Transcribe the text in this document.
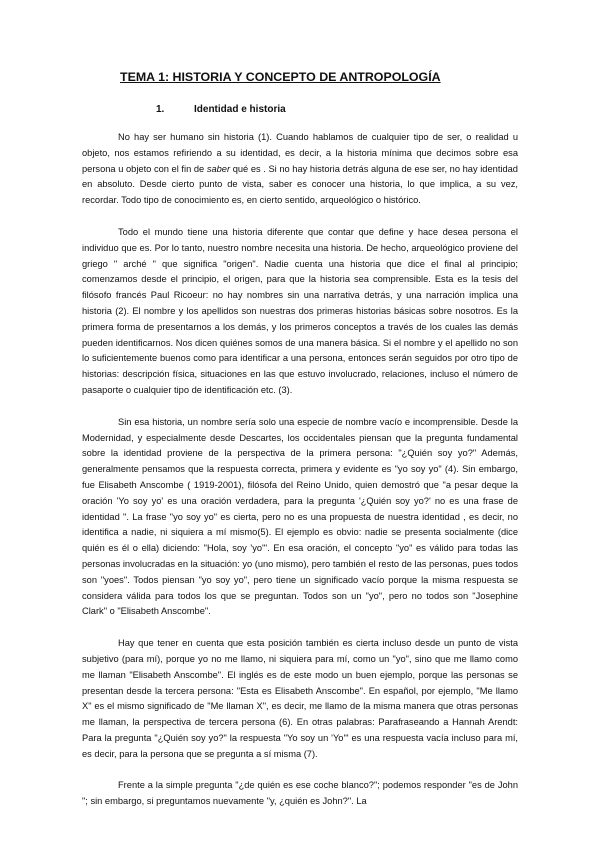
TEMA 1: HISTORIA Y CONCEPTO DE ANTROPOLOGÍA
1.	Identidad e historia

No hay ser humano sin historia (1). Cuando hablamos de cualquier tipo de ser, o realidad u objeto, nos estamos refiriendo a su identidad, es decir, a la historia mínima que decimos sobre esa persona u objeto con el fin de saber qué es . Si no hay historia detrás alguna de ese ser, no hay identidad en absoluto. Desde cierto punto de vista, saber es conocer una historia, lo que implica, a su vez, recordar. Todo tipo de conocimiento es, en cierto sentido, arqueológico o histórico.

Todo el mundo tiene una historia diferente que contar que define y hace desea persona el individuo que es. Por lo tanto, nuestro nombre necesita una historia. De hecho, arqueológico proviene del griego " arché " que significa "origen". Nadie cuenta una historia que dice el final al principio; comenzamos desde el principio, el origen, para que la historia sea comprensible. Esta es la tesis del filósofo francés Paul Ricoeur: no hay nombres sin una narrativa detrás, y una narración implica una historia (2). El nombre y los apellidos son nuestras dos primeras historias básicas sobre nosotros. Es la primera forma de presentarnos a los demás, y los primeros conceptos a través de los cuales las demás pueden identificarnos. Nos dicen quiénes somos de una manera básica. Si el nombre y el apellido no son lo suficientemente buenos como para identificar a una persona, entonces serán seguidos por otro tipo de historias: descripción física, situaciones en las que estuvo involucrado, relaciones, incluso el número de pasaporte o cualquier tipo de identificación etc. (3).

Sin esa historia, un nombre sería solo una especie de nombre vacío e incomprensible. Desde la Modernidad, y especialmente desde Descartes, los occidentales piensan que la pregunta fundamental sobre la identidad proviene de la perspectiva de la primera persona: "¿Quién soy yo?" Además, generalmente pensamos que la respuesta correcta, primera y evidente es "yo soy yo" (4). Sin embargo, fue Elisabeth Anscombe ( 1919-2001), filósofa del Reino Unido, quien demostró que "a pesar deque la oración 'Yo soy yo' es una oración verdadera, para la pregunta '¿Quién soy yo?' no es una frase de identidad ". La frase "yo soy yo" es cierta, pero no es una propuesta de nuestra identidad , es decir, no identifica a nadie, ni siquiera a mí mismo(5). El ejemplo es obvio: nadie se presenta socialmente (dice quién es él o ella) diciendo: "Hola, soy 'yo'". En esa oración, el concepto "yo" es válido para todas las personas involucradas en la situación: yo (uno mismo), pero también el resto de las personas, pues todos son "yoes". Todos piensan "yo soy yo", pero tiene un significado vacío porque la misma respuesta se considera válida para todos los que se preguntan. Todos son un "yo", pero no todos son "Josephine Clark" o "Elisabeth Anscombe".

Hay que tener en cuenta que esta posición también es cierta incluso desde un punto de vista subjetivo (para mí), porque yo no me llamo, ni siquiera para mí, como un "yo", sino que me llamo como me llaman "Elisabeth Anscombe". El inglés es de este modo un buen ejemplo, porque las personas se presentan desde la tercera persona: "Esta es Elisabeth Anscombe". En español, por ejemplo, "Me llamo X" es el mismo significado de "Me llaman X", es decir, me llamo de la misma manera que otras personas me llaman, la perspectiva de tercera persona (6). En otras palabras: Parafraseando a Hannah Arendt: Para la pregunta "¿Quién soy yo?" la respuesta "Yo soy un 'Yo'" es una respuesta vacía incluso para mí, es decir, para la persona que se pregunta a sí misma (7).

Frente a la simple pregunta "¿de quién es ese coche blanco?"; podemos responder "es de John "; sin embargo, si preguntamos nuevamente "y, ¿quién es John?". La
